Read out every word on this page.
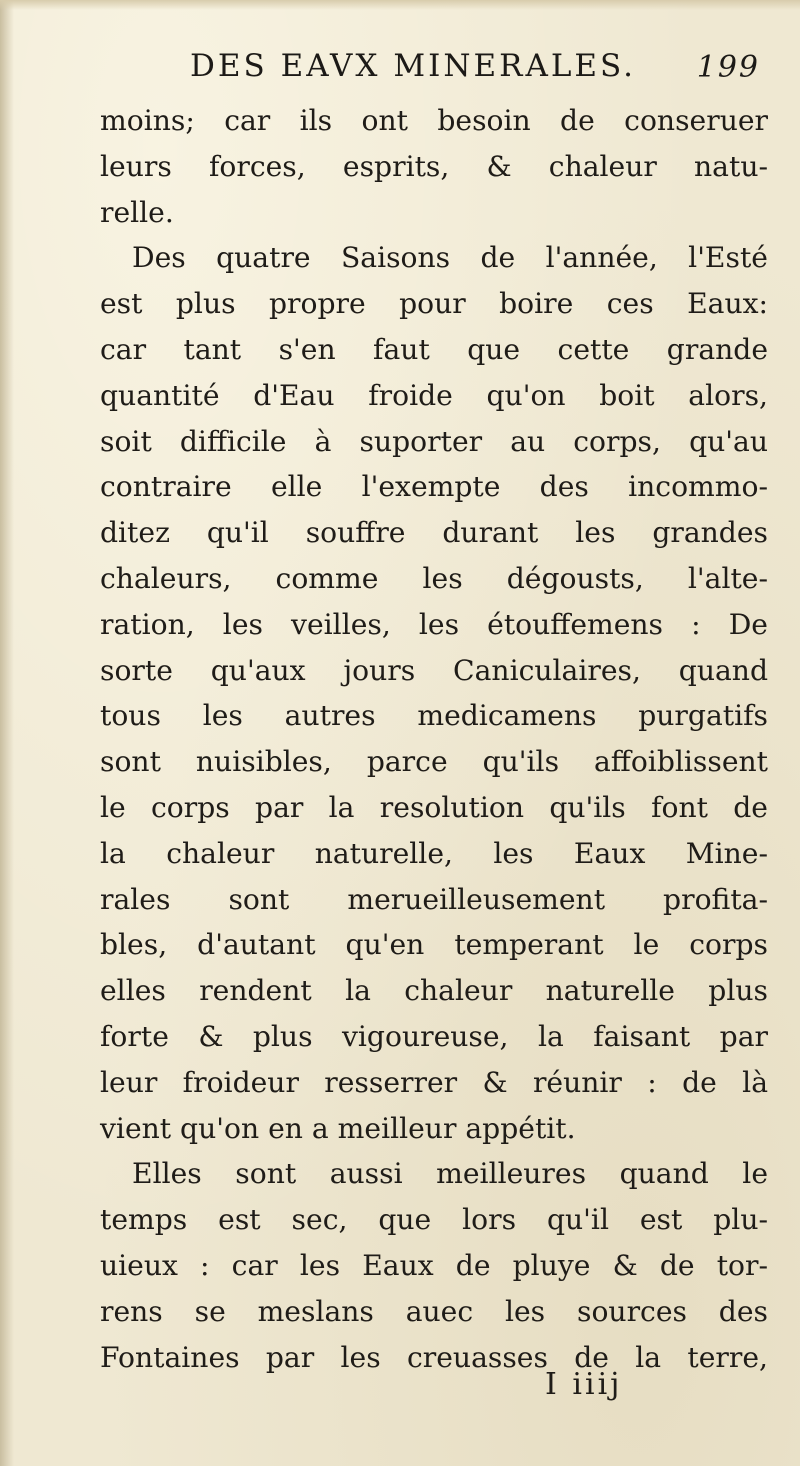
DES EAVX MINERALES. 199
moins; car ils ont besoin de conseruer
leurs forces, esprits, & chaleur natu-
relle.
Des quatre Saisons de l'année, l'Esté
est plus propre pour boire ces Eaux:
car tant s'en faut que cette grande
quantité d'Eau froide qu'on boit alors,
soit difficile à suporter au corps, qu'au
contraire elle l'exempte des incommo-
ditez qu'il souffre durant les grandes
chaleurs, comme les dégousts, l'alte-
ration, les veilles, les étouffemens : De
sorte qu'aux jours Caniculaires, quand
tous les autres medicamens purgatifs
sont nuisibles, parce qu'ils affoiblissent
le corps par la resolution qu'ils font de
la chaleur naturelle, les Eaux Mine-
rales sont merueilleusement profita-
bles, d'autant qu'en temperant le corps
elles rendent la chaleur naturelle plus
forte & plus vigoureuse, la faisant par
leur froideur resserrer & réunir : de là
vient qu'on en a meilleur appétit.
Elles sont aussi meilleures quand le
temps est sec, que lors qu'il est plu-
uieux : car les Eaux de pluye & de tor-
rens se meslans auec les sources des
Fontaines par les creuasses de la terre,
I iiij
